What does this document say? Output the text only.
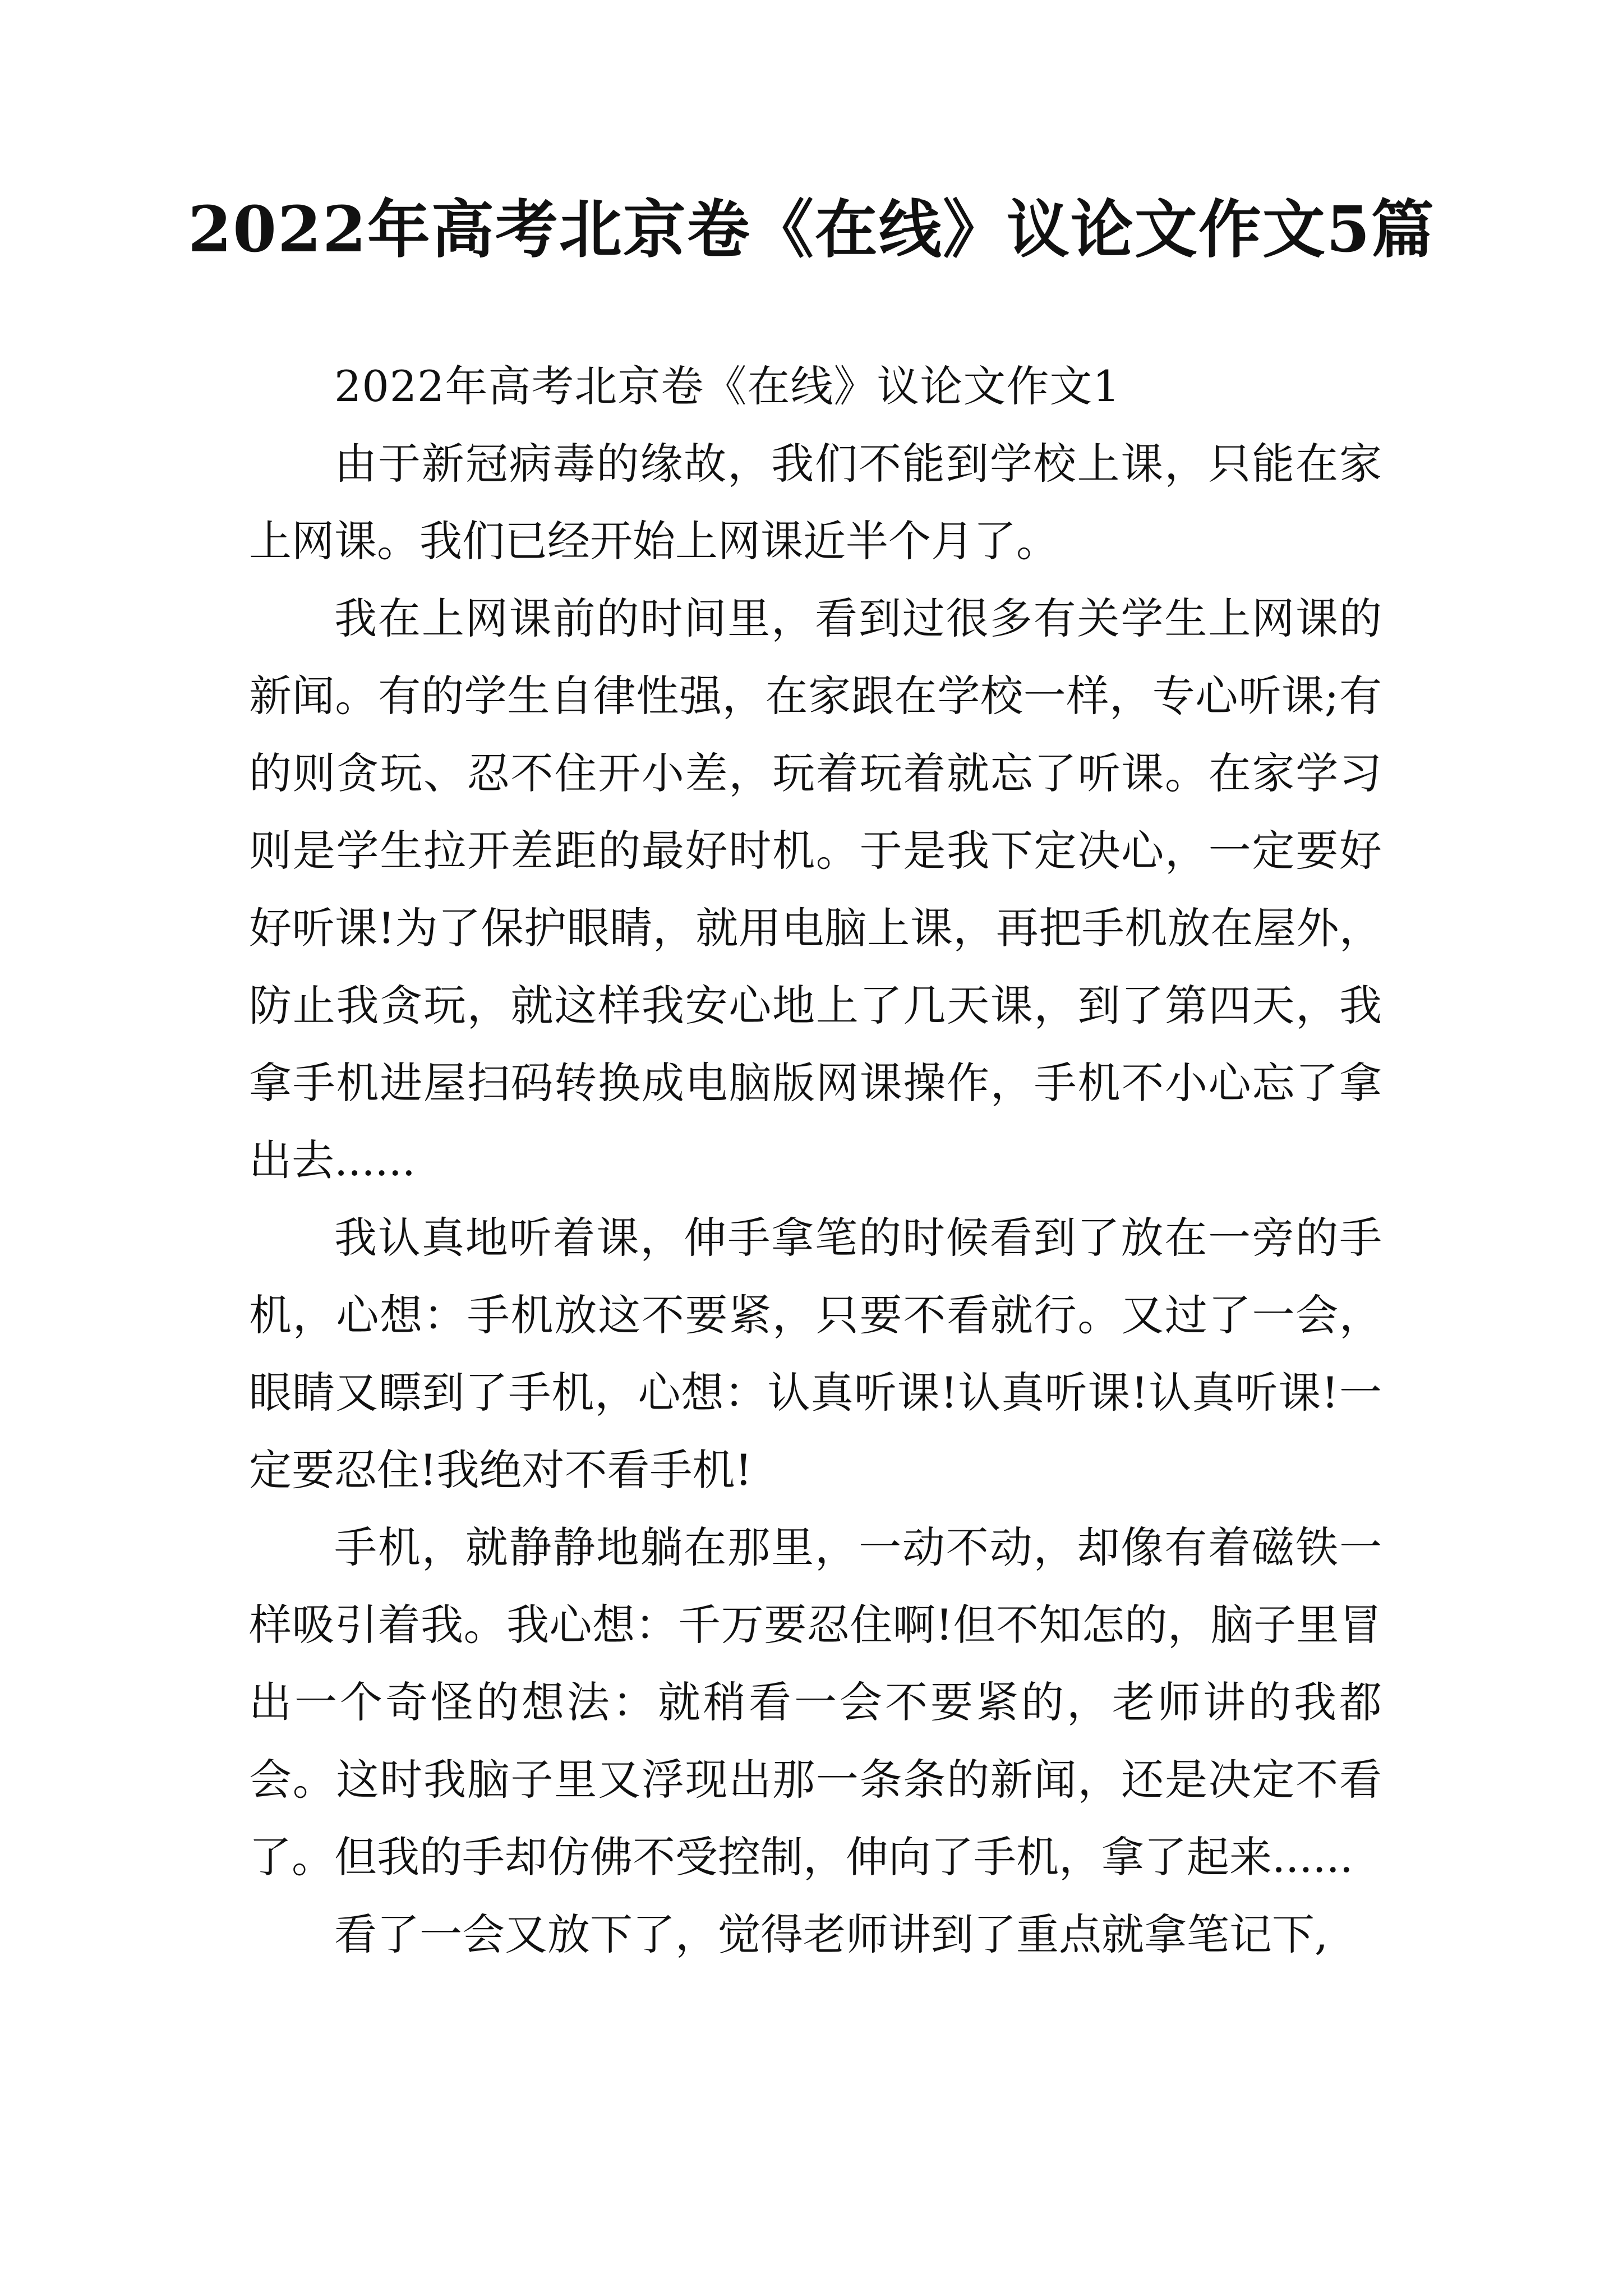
2022年高考北京卷《在线》议论文作文5篇

2022年高考北京卷《在线》议论文作文1

由于新冠病毒的缘故，我们不能到学校上课，只能在家上网课。我们已经开始上网课近半个月了。

我在上网课前的时间里，看到过很多有关学生上网课的新闻。有的学生自律性强，在家跟在学校一样，专心听课;有的则贪玩、忍不住开小差，玩着玩着就忘了听课。在家学习则是学生拉开差距的最好时机。于是我下定决心，一定要好好听课!为了保护眼睛，就用电脑上课，再把手机放在屋外，防止我贪玩，就这样我安心地上了几天课，到了第四天，我拿手机进屋扫码转换成电脑版网课操作，手机不小心忘了拿出去......

我认真地听着课，伸手拿笔的时候看到了放在一旁的手机，心想：手机放这不要紧，只要不看就行。又过了一会，眼睛又瞟到了手机，心想：认真听课!认真听课!认真听课!一定要忍住!我绝对不看手机!

手机，就静静地躺在那里，一动不动，却像有着磁铁一样吸引着我。我心想：千万要忍住啊!但不知怎的，脑子里冒出一个奇怪的想法：就稍看一会不要紧的，老师讲的我都会。这时我脑子里又浮现出那一条条的新闻，还是决定不看了。但我的手却仿佛不受控制，伸向了手机，拿了起来......

看了一会又放下了，觉得老师讲到了重点就拿笔记下,
